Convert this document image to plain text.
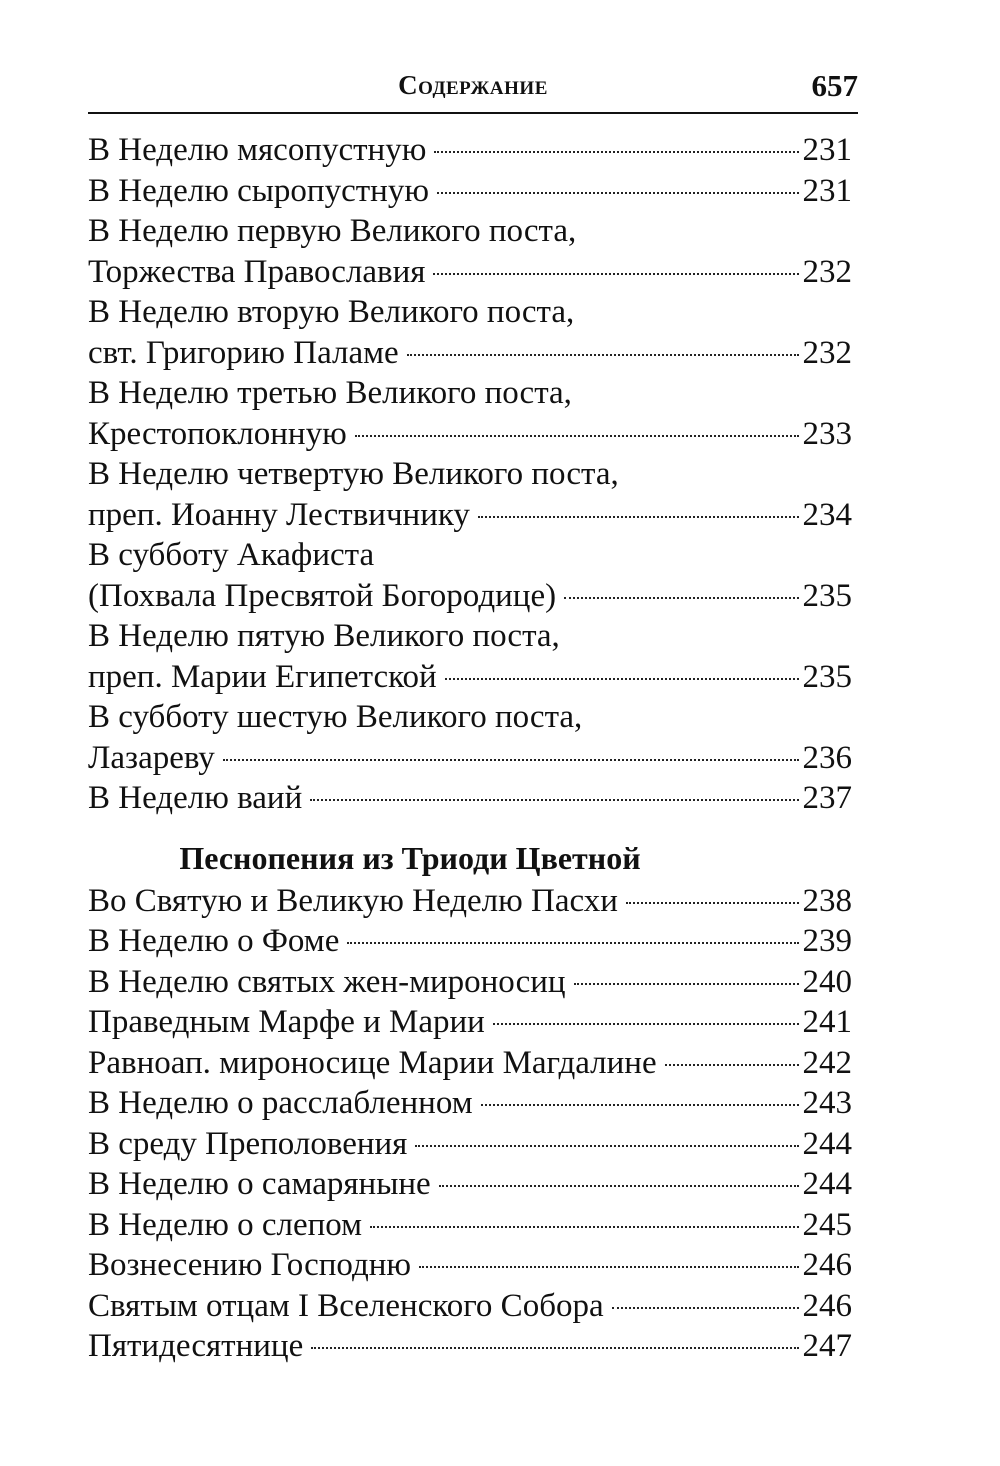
Содержание	657
В Неделю мясопустную	231
В Неделю сыропустную	231
В Неделю первую Великого поста,
Торжества Православия	232
В Неделю вторую Великого поста,
свт. Григорию Паламе	232
В Неделю третью Великого поста,
Крестопоклонную	233
В Неделю четвертую Великого поста,
преп. Иоанну Лествичнику	234
В субботу Акафиста
(Похвала Пресвятой Богородице)	235
В Неделю пятую Великого поста,
преп. Марии Египетской	235
В субботу шестую Великого поста,
Лазареву	236
В Неделю ваий	237
Песнопения из Триоди Цветной
Во Святую и Великую Неделю Пасхи	238
В Неделю о Фоме	239
В Неделю святых жен-мироносиц	240
Праведным Марфе и Марии	241
Равноап. мироносице Марии Магдалине	242
В Неделю о расслабленном	243
В среду Преполовения	244
В Неделю о самаряныне	244
В Неделю о слепом	245
Вознесению Господню	246
Святым отцам I Вселенского Собора	246
Пятидесятнице	247
